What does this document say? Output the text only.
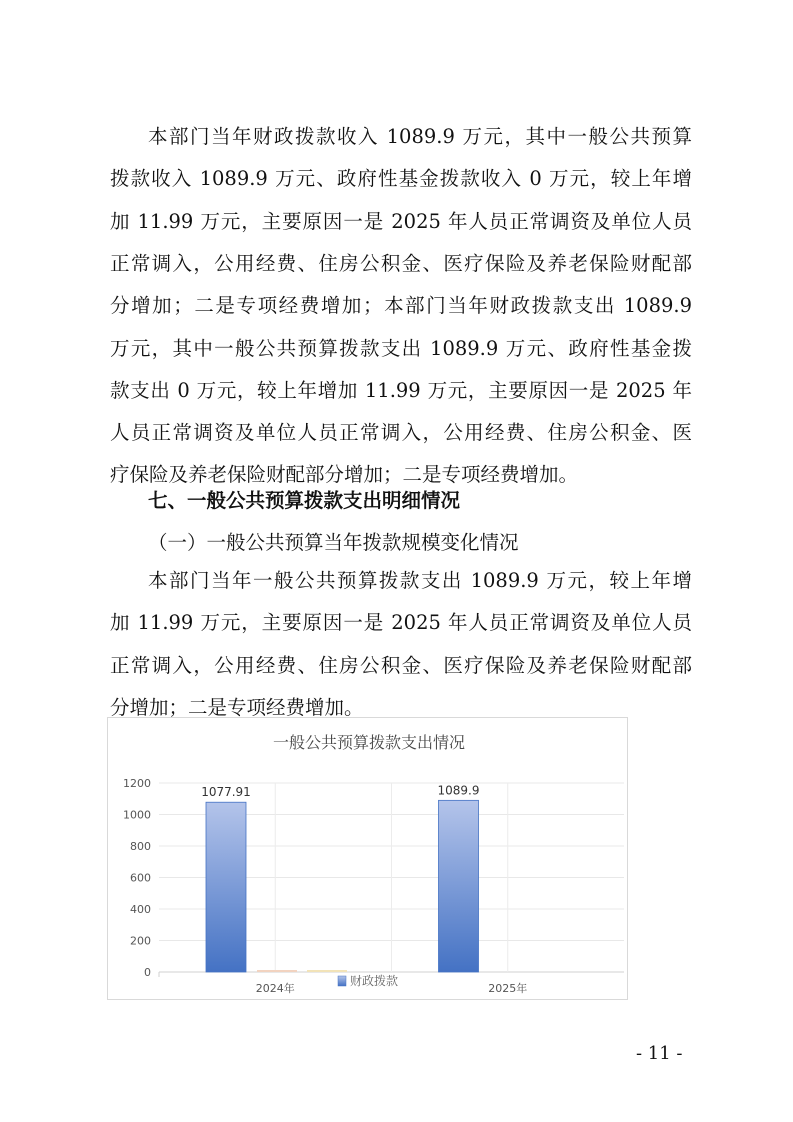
本部门当年财政拨款收入 1089.9 万元，其中一般公共预算
拨款收入 1089.9 万元、政府性基金拨款收入 0 万元，较上年增
加 11.99 万元，主要原因一是 2025 年人员正常调资及单位人员
正常调入，公用经费、住房公积金、医疗保险及养老保险财配部
分增加；二是专项经费增加；本部门当年财政拨款支出 1089.9
万元，其中一般公共预算拨款支出 1089.9 万元、政府性基金拨
款支出 0 万元，较上年增加 11.99 万元，主要原因一是 2025 年
人员正常调资及单位人员正常调入，公用经费、住房公积金、医
疗保险及养老保险财配部分增加；二是专项经费增加。
七、一般公共预算拨款支出明细情况
（一）一般公共预算当年拨款规模变化情况
本部门当年一般公共预算拨款支出 1089.9 万元，较上年增
加 11.99 万元，主要原因一是 2025 年人员正常调资及单位人员
正常调入，公用经费、住房公积金、医疗保险及养老保险财配部
分增加；二是专项经费增加。
一般公共预算拨款支出情况
0
200
400
600
800
1000
1200
1077.91
2024年
1089.9
2025年
财政拨款
- 11 -
